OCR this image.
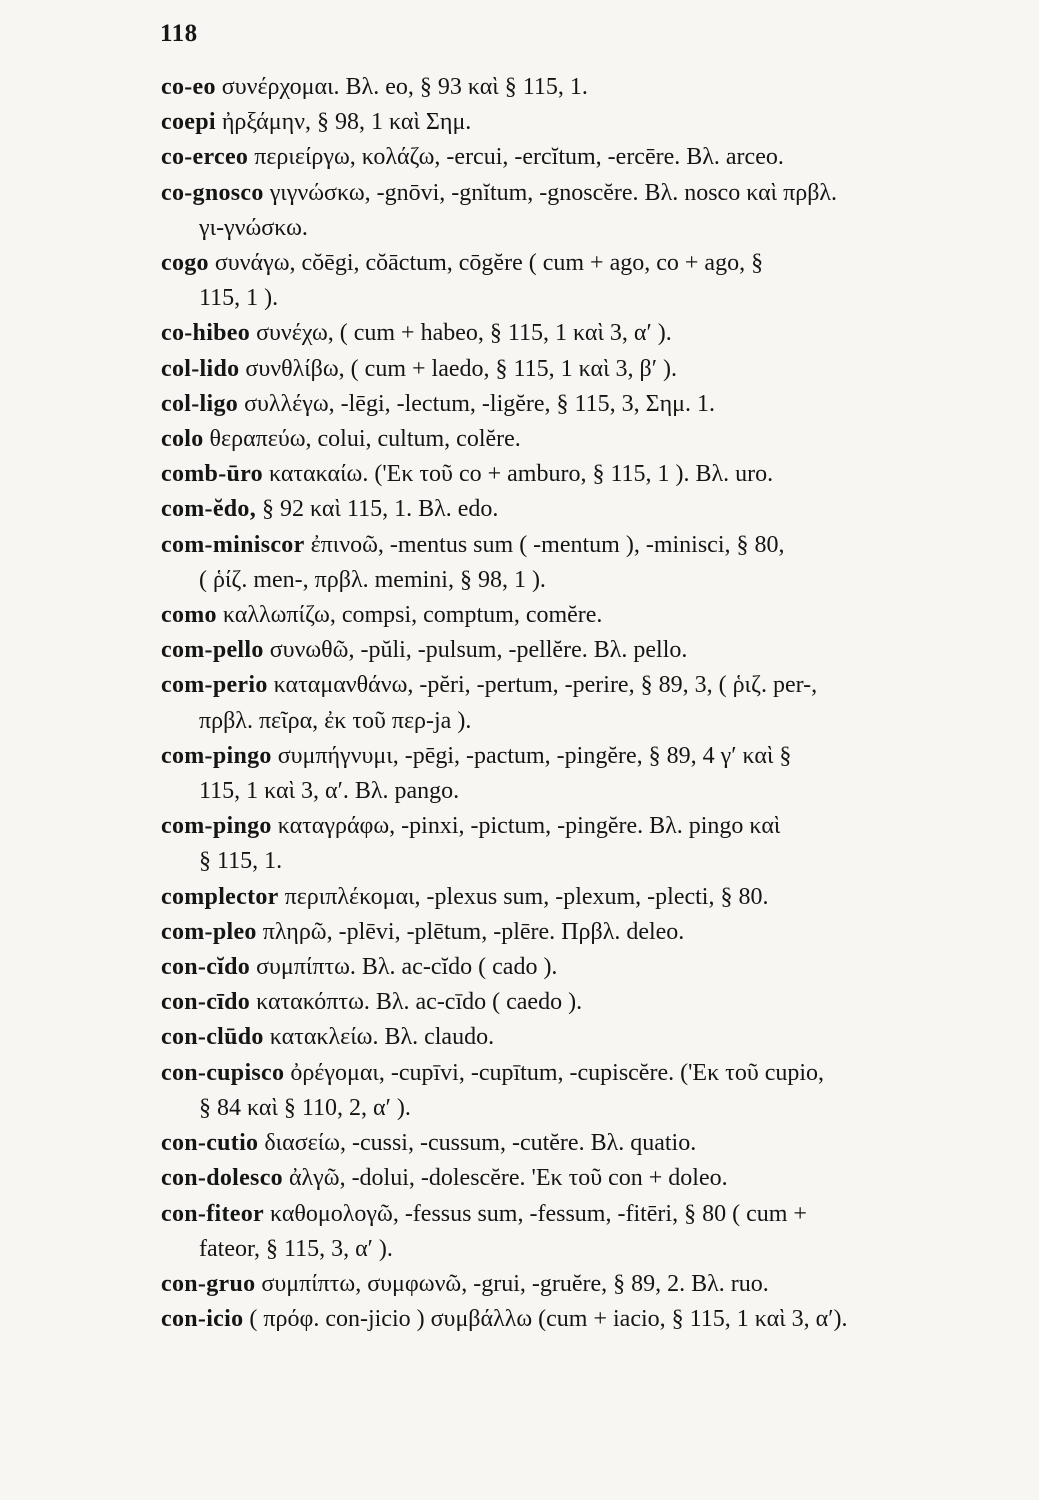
118
co-eo συνέρχομαι. Βλ. eo, § 93 καὶ § 115, 1.
coepi ἠρξάμην, § 98, 1 καὶ Σημ.
co-erceo περιείργω, κολάζω, -ercui, -ercĭtum, -ercēre. Βλ. arceo.
co-gnosco γιγνώσκω, -gnōvi, -gnĭtum, -gnoscĕre. Βλ. nosco καὶ πρβλ.
γι-γνώσκω.
cogo συνάγω, cŏēgi, cŏāctum, cōgĕre ( cum + ago, co + ago, §
115, 1 ).
co-hibeo συνέχω, ( cum + habeo, § 115, 1 καὶ 3, α′ ).
col-lido συνθλίβω, ( cum + laedo, § 115, 1 καὶ 3, β′ ).
col-ligo συλλέγω, -lēgi, -lectum, -ligĕre, § 115, 3, Σημ. 1.
colo θεραπεύω, colui, cultum, colĕre.
comb-ūro κατακαίω. ('Εκ τοῦ co + amburo, § 115, 1 ). Βλ. uro.
com-ĕdo, § 92 καὶ 115, 1. Βλ. edo.
com-miniscor ἐπινοῶ, -mentus sum ( -mentum ), -minisci, § 80,
( ῥίζ. men-, πρβλ. memini, § 98, 1 ).
como καλλωπίζω, compsi, comptum, comĕre.
com-pello συνωθῶ, -pŭli, -pulsum, -pellĕre. Βλ. pello.
com-perio καταμανθάνω, -pĕri, -pertum, -perire, § 89, 3, ( ῥιζ. per-,
πρβλ. πεῖρα, ἐκ τοῦ περ-ja ).
com-pingo συμπήγνυμι, -pēgi, -pactum, -pingĕre, § 89, 4 γ′ καὶ §
115, 1 καὶ 3, α′. Βλ. pango.
com-pingo καταγράφω, -pinxi, -pictum, -pingĕre. Βλ. pingo καὶ
§ 115, 1.
complector περιπλέκομαι, -plexus sum, -plexum, -plecti, § 80.
com-pleo πληρῶ, -plēvi, -plētum, -plēre. Πρβλ. deleo.
con-cĭdo συμπίπτω. Βλ. ac-cĭdo ( cado ).
con-cīdo κατακόπτω. Βλ. ac-cīdo ( caedo ).
con-clūdo κατακλείω. Βλ. claudo.
con-cupisco ὀρέγομαι, -cupīvi, -cupītum, -cupiscĕre. ('Εκ τοῦ cupio,
§ 84 καὶ § 110, 2, α′ ).
con-cutio διασείω, -cussi, -cussum, -cutĕre. Βλ. quatio.
con-dolesco ἀλγῶ, -dolui, -dolescĕre. 'Εκ τοῦ con + doleo.
con-fiteor καθομολογῶ, -fessus sum, -fessum, -fitēri, § 80 ( cum +
fateor, § 115, 3, α′ ).
con-gruo συμπίπτω, συμφωνῶ, -grui, -gruĕre, § 89, 2. Βλ. ruo.
con-icio ( πρόφ. con-jicio ) συμβάλλω (cum + iacio, § 115, 1 καὶ 3, α′).
